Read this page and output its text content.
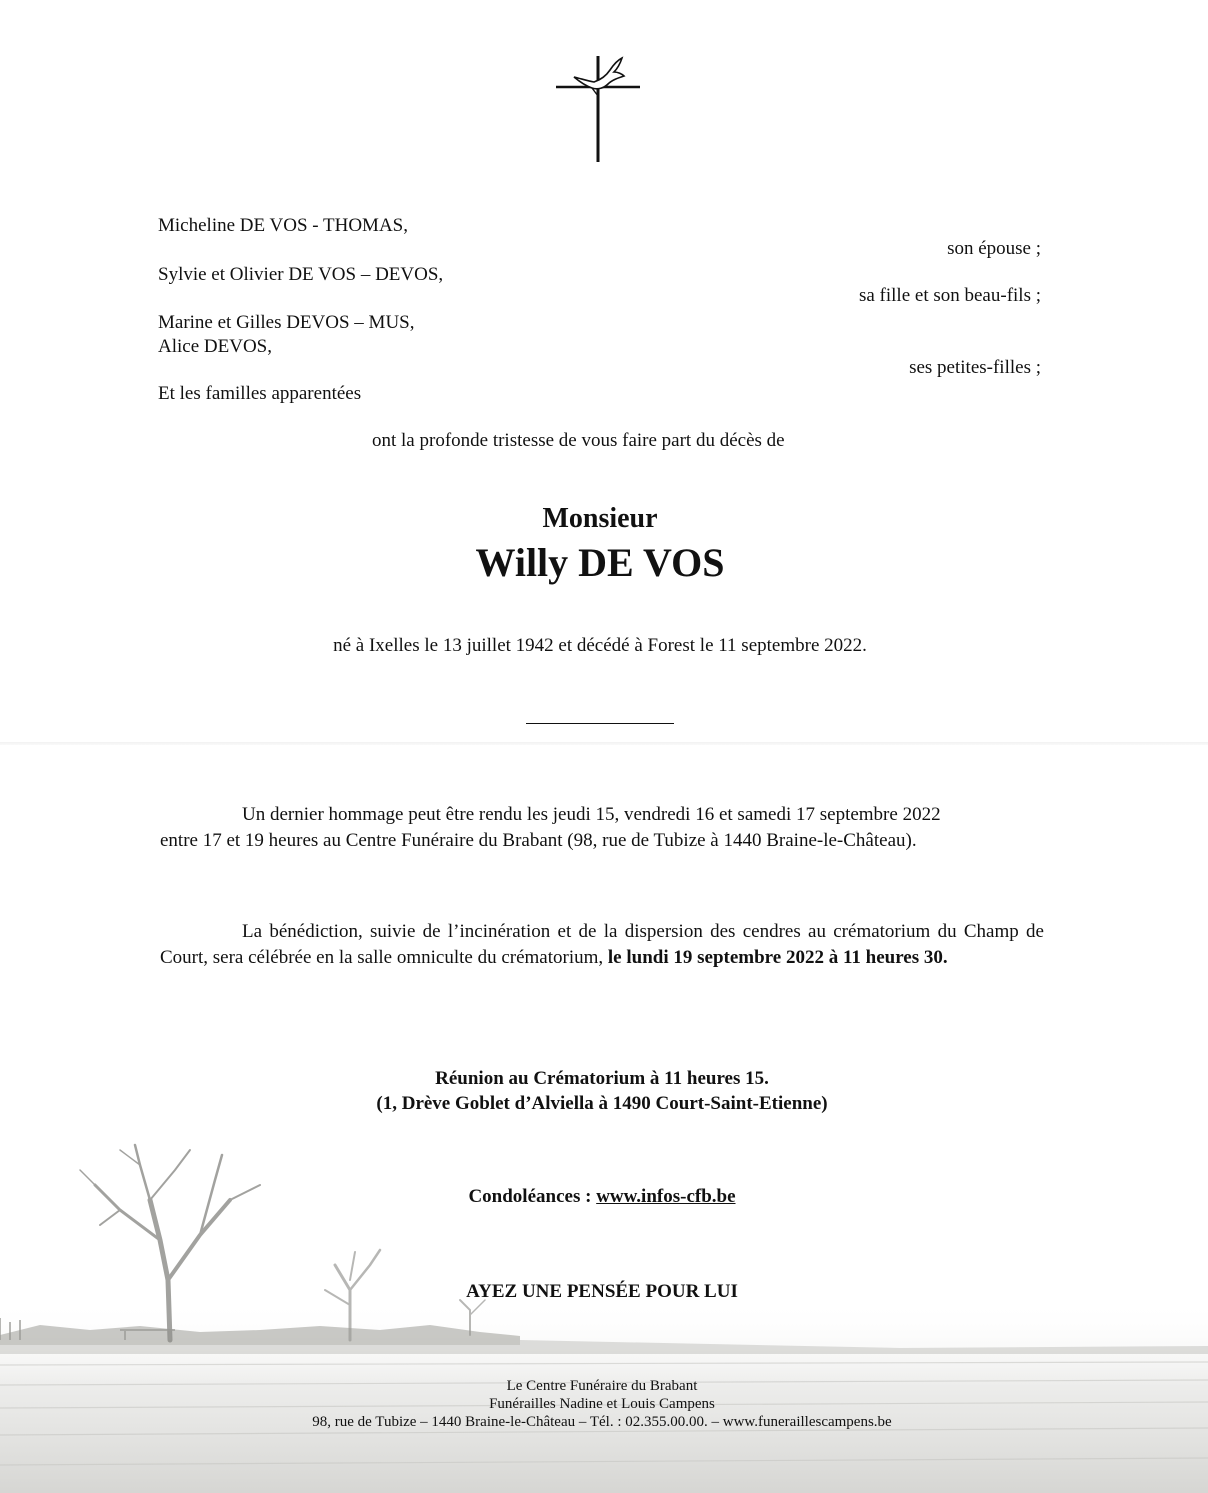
Micheline DE VOS - THOMAS,
son épouse ;
Sylvie et Olivier DE VOS – DEVOS,
sa fille et son beau-fils ;
Marine et Gilles DEVOS – MUS,
Alice DEVOS,
ses petites-filles ;
Et les familles apparentées
ont la profonde tristesse de vous faire part du décès de
Monsieur
Willy DE VOS
né à Ixelles le 13 juillet 1942 et décédé à Forest le 11 septembre 2022.
Un dernier hommage peut être rendu les jeudi 15, vendredi 16 et samedi 17 septembre 2022
entre 17 et 19 heures au Centre Funéraire du Brabant (98, rue de Tubize à 1440 Braine-le-Château).
La bénédiction, suivie de l’incinération et de la dispersion des cendres au crématorium du Champ de Court, sera célébrée en la salle omniculte du crématorium, le lundi 19 septembre 2022 à 11 heures 30.
Réunion au Crématorium à 11 heures 15.
(1, Drève Goblet d’Alviella à 1490 Court-Saint-Etienne)
Condoléances : www.infos-cfb.be
AYEZ UNE PENSÉE POUR LUI
Le Centre Funéraire du Brabant
Funérailles Nadine et Louis Campens
98, rue de Tubize – 1440 Braine-le-Château – Tél. : 02.355.00.00. – www.funeraillescampens.be
